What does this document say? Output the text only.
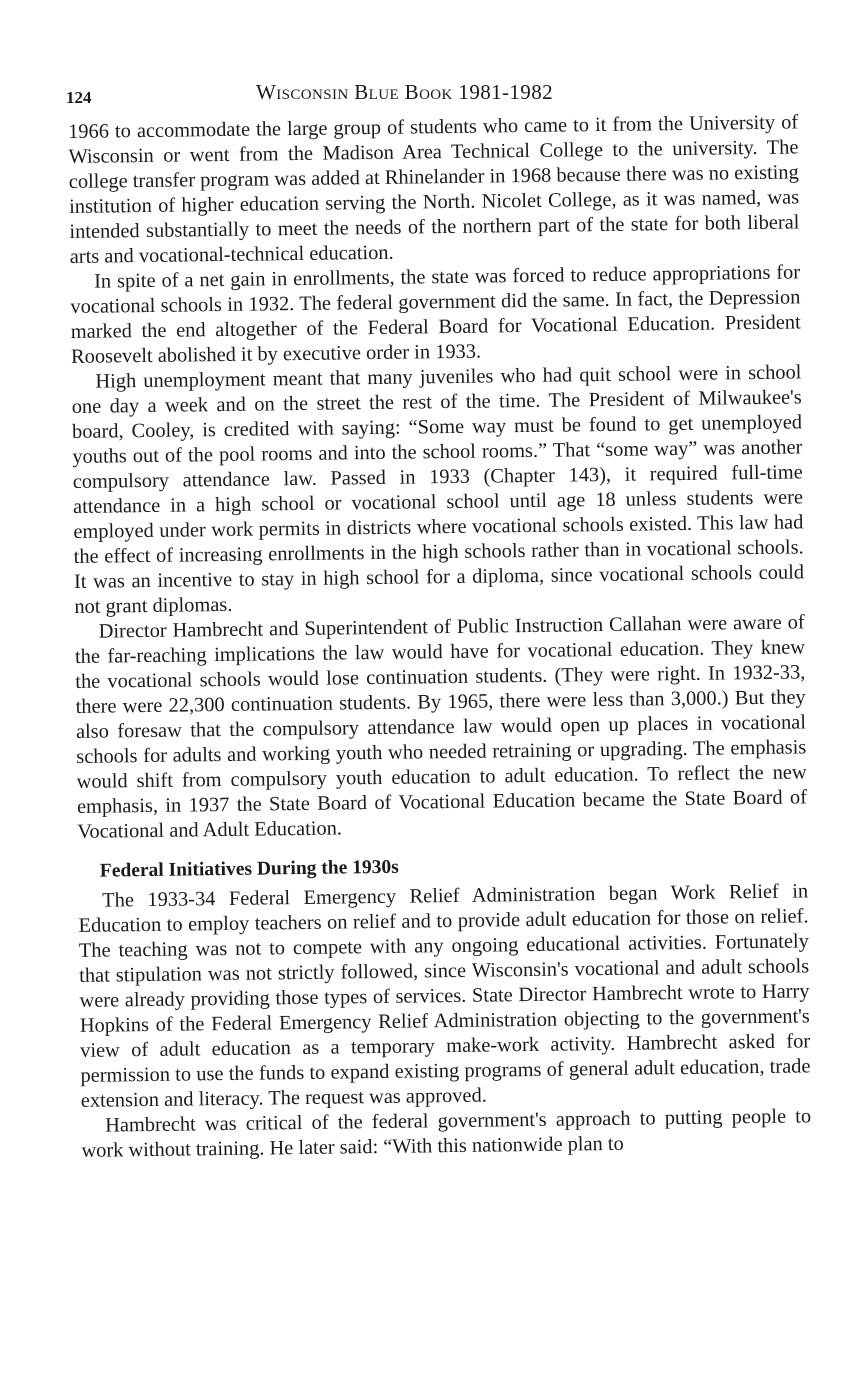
124	Wisconsin Blue Book 1981-1982

1966 to accommodate the large group of students who came to it from the University of Wisconsin or went from the Madison Area Technical College to the university. The college transfer program was added at Rhinelander in 1968 because there was no existing institution of higher education serving the North. Nicolet College, as it was named, was intended substantially to meet the needs of the northern part of the state for both liberal arts and vocational-technical education.

In spite of a net gain in enrollments, the state was forced to reduce appropriations for vocational schools in 1932. The federal government did the same. In fact, the Depression marked the end altogether of the Federal Board for Vocational Education. President Roosevelt abolished it by executive order in 1933.

High unemployment meant that many juveniles who had quit school were in school one day a week and on the street the rest of the time. The President of Milwaukee's board, Cooley, is credited with saying: “Some way must be found to get unemployed youths out of the pool rooms and into the school rooms.” That “some way” was another compulsory attendance law. Passed in 1933 (Chapter 143), it required full-time attendance in a high school or vocational school until age 18 unless students were employed under work permits in districts where vocational schools existed. This law had the effect of increasing enrollments in the high schools rather than in vocational schools. It was an incentive to stay in high school for a diploma, since vocational schools could not grant diplomas.

Director Hambrecht and Superintendent of Public Instruction Callahan were aware of the far-reaching implications the law would have for vocational education. They knew the vocational schools would lose continuation students. (They were right. In 1932-33, there were 22,300 continuation students. By 1965, there were less than 3,000.) But they also foresaw that the compulsory attendance law would open up places in vocational schools for adults and working youth who needed retraining or upgrading. The emphasis would shift from compulsory youth education to adult education. To reflect the new emphasis, in 1937 the State Board of Vocational Education became the State Board of Vocational and Adult Education.

Federal Initiatives During the 1930s

The 1933-34 Federal Emergency Relief Administration began Work Relief in Education to employ teachers on relief and to provide adult education for those on relief. The teaching was not to compete with any ongoing educational activities. Fortunately that stipulation was not strictly followed, since Wisconsin's vocational and adult schools were already providing those types of services. State Director Hambrecht wrote to Harry Hopkins of the Federal Emergency Relief Administration objecting to the government's view of adult education as a temporary make-work activity. Hambrecht asked for permission to use the funds to expand existing programs of general adult education, trade extension and literacy. The request was approved.

Hambrecht was critical of the federal government's approach to putting people to work without training. He later said: “With this nationwide plan to
